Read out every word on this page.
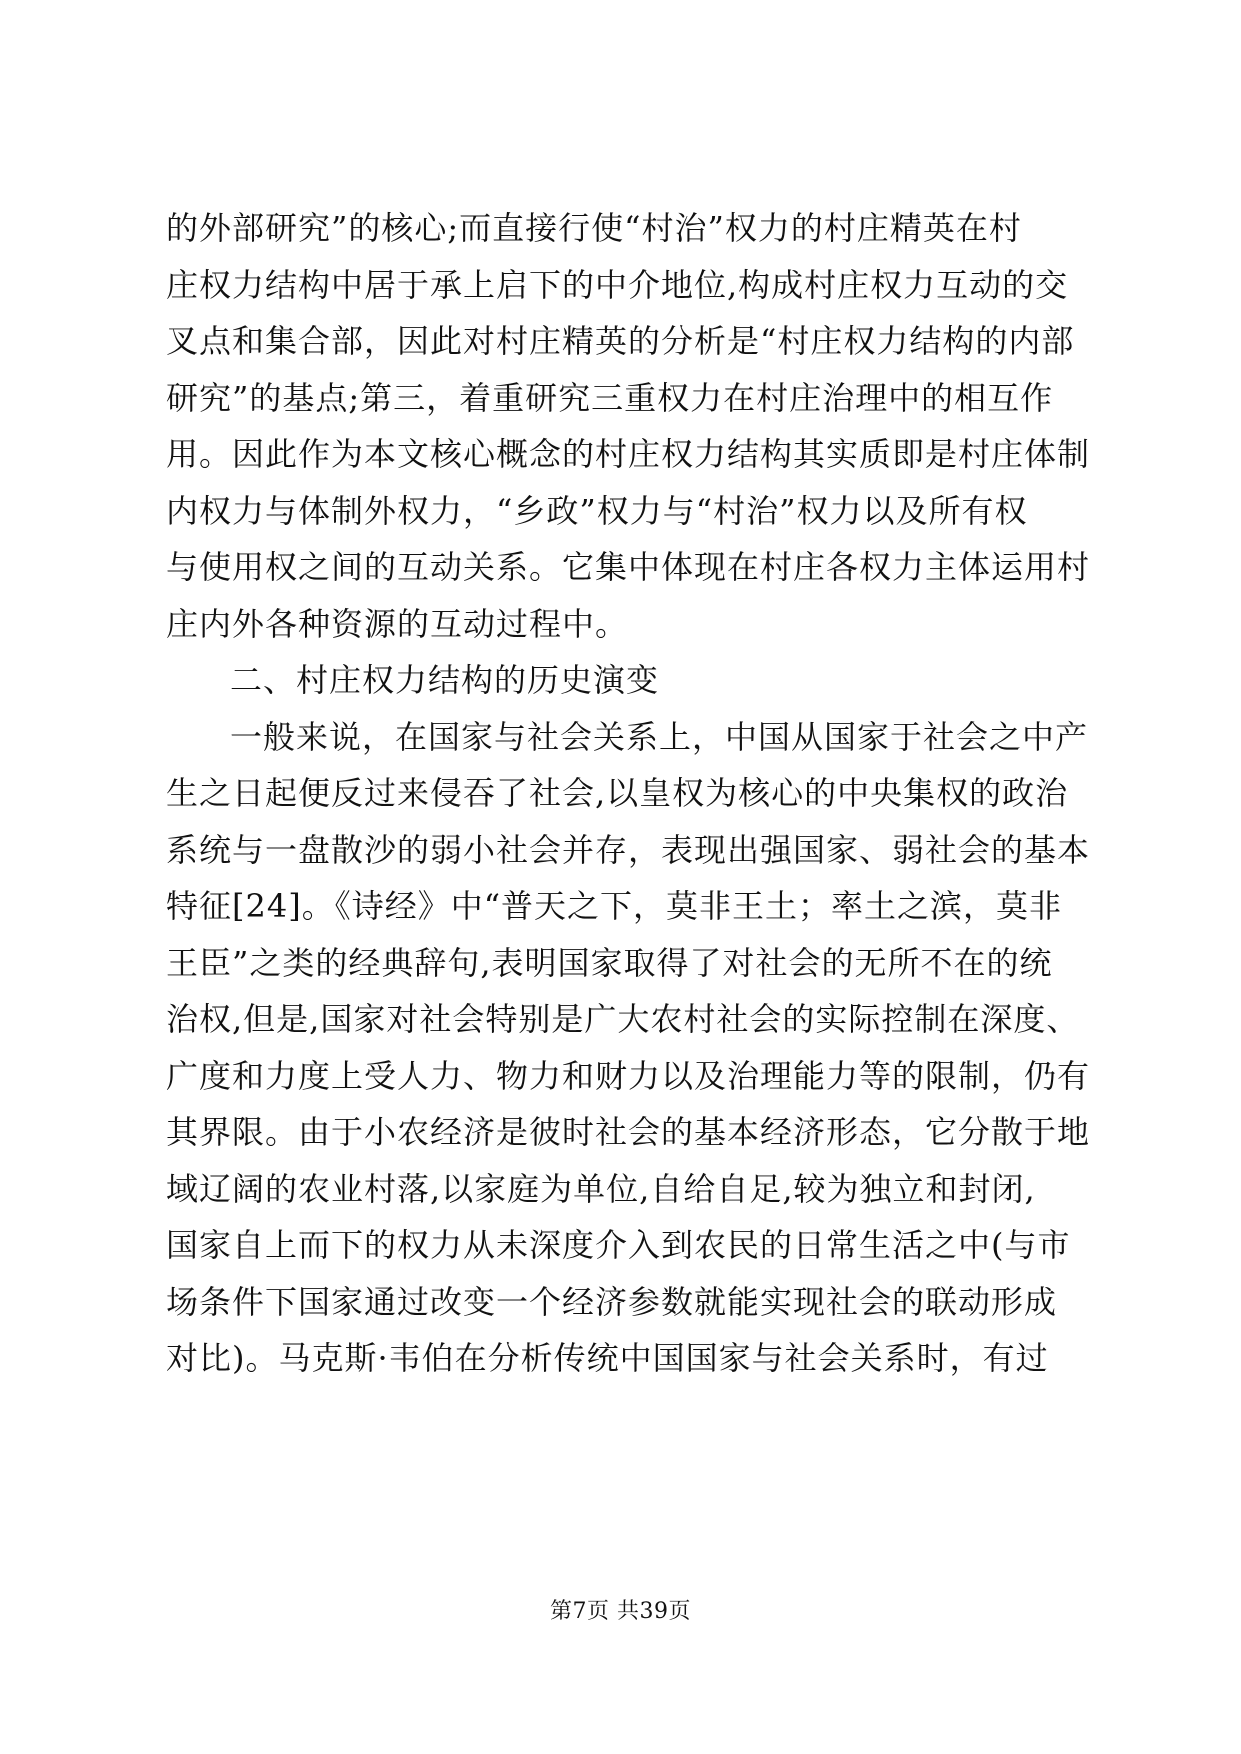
的外部研究”的核心;而直接行使“村治”权力的村庄精英在村
庄权力结构中居于承上启下的中介地位,构成村庄权力互动的交
叉点和集合部，因此对村庄精英的分析是“村庄权力结构的内部
研究”的基点;第三，着重研究三重权力在村庄治理中的相互作
用。因此作为本文核心概念的村庄权力结构其实质即是村庄体制
内权力与体制外权力，“乡政”权力与“村治”权力以及所有权
与使用权之间的互动关系。它集中体现在村庄各权力主体运用村
庄内外各种资源的互动过程中。
二、村庄权力结构的历史演变
一般来说，在国家与社会关系上，中国从国家于社会之中产
生之日起便反过来侵吞了社会,以皇权为核心的中央集权的政治
系统与一盘散沙的弱小社会并存，表现出强国家、弱社会的基本
特征[24]。《诗经》中“普天之下，莫非王土；率土之滨，莫非
王臣”之类的经典辞句,表明国家取得了对社会的无所不在的统
治权,但是,国家对社会特别是广大农村社会的实际控制在深度、
广度和力度上受人力、物力和财力以及治理能力等的限制，仍有
其界限。由于小农经济是彼时社会的基本经济形态，它分散于地
域辽阔的农业村落,以家庭为单位,自给自足,较为独立和封闭,
国家自上而下的权力从未深度介入到农民的日常生活之中(与市
场条件下国家通过改变一个经济参数就能实现社会的联动形成
对比)。马克斯·韦伯在分析传统中国国家与社会关系时，有过
第7页 共39页
